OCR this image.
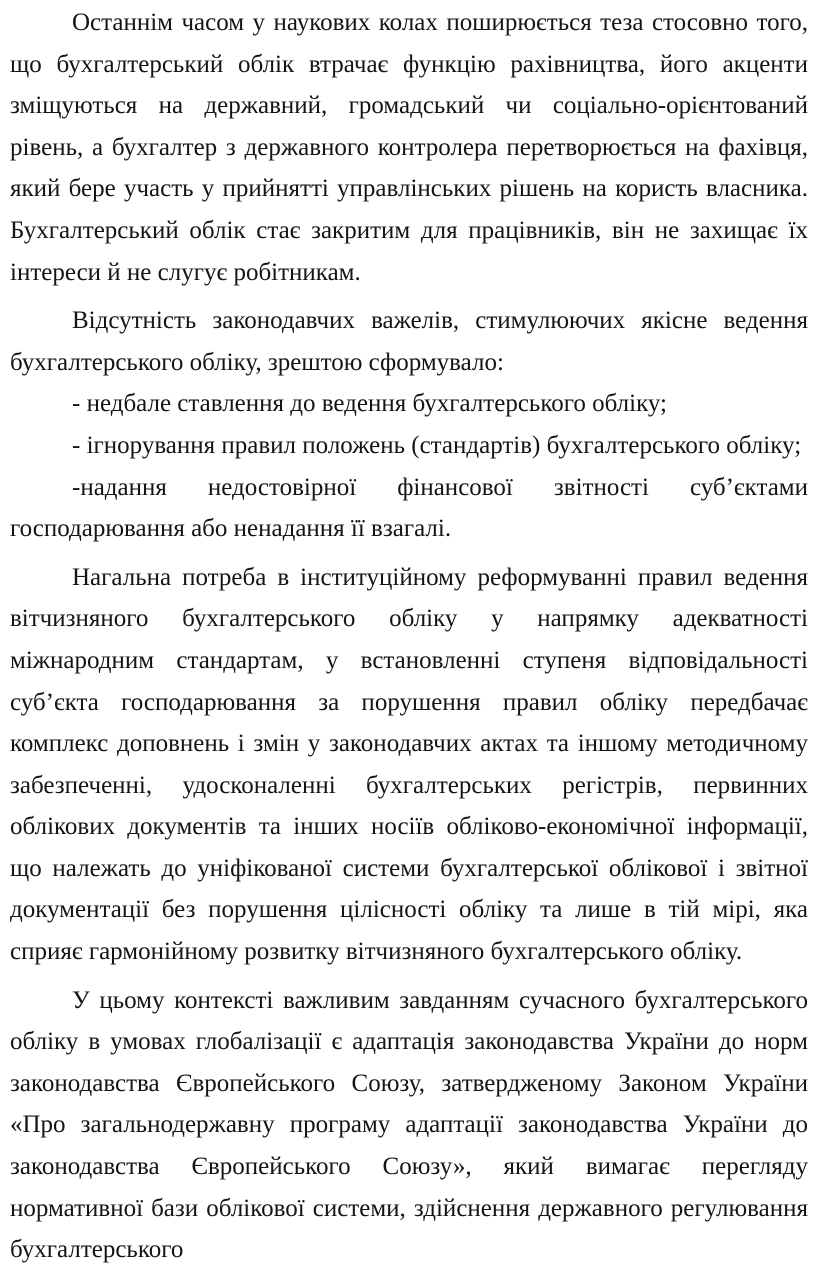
Останнім часом у наукових колах поширюється теза стосовно того, що бухгалтерський облік втрачає функцію рахівництва, його акценти зміщуються на державний, громадський чи соціально-орієнтований рівень, а бухгалтер з державного контролера перетворюється на фахівця, який бере участь у прийнятті управлінських рішень на користь власника. Бухгалтерський облік стає закритим для працівників, він не захищає їх інтереси й не слугує робітникам.

Відсутність законодавчих важелів, стимулюючих якісне ведення бухгалтерського обліку, зрештою сформувало:

- недбале ставлення до ведення бухгалтерського обліку;

- ігнорування правил положень (стандартів) бухгалтерського обліку;

-надання недостовірної фінансової звітності суб’єктами господарювання або ненадання її взагалі.

Нагальна потреба в інституційному реформуванні правил ведення вітчизняного бухгалтерського обліку у напрямку адекватності міжнародним стандартам, у встановленні ступеня відповідальності суб’єкта господарювання за порушення правил обліку передбачає комплекс доповнень і змін у законодавчих актах та іншому методичному забезпеченні, удосконаленні бухгалтерських регістрів, первинних облікових документів та інших носіїв обліково-економічної інформації, що належать до уніфікованої системи бухгалтерської облікової і звітної документації без порушення цілісності обліку та лише в тій мірі, яка сприяє гармонійному розвитку вітчизняного бухгалтерського обліку.

У цьому контексті важливим завданням сучасного бухгалтерського обліку в умовах глобалізації є адаптація законодавства України до норм законодавства Європейського Союзу, затвердженому Законом України «Про загальнодержавну програму адаптації законодавства України до законодавства Європейського Союзу», який вимагає перегляду нормативної бази облікової системи, здійснення державного регулювання бухгалтерського
